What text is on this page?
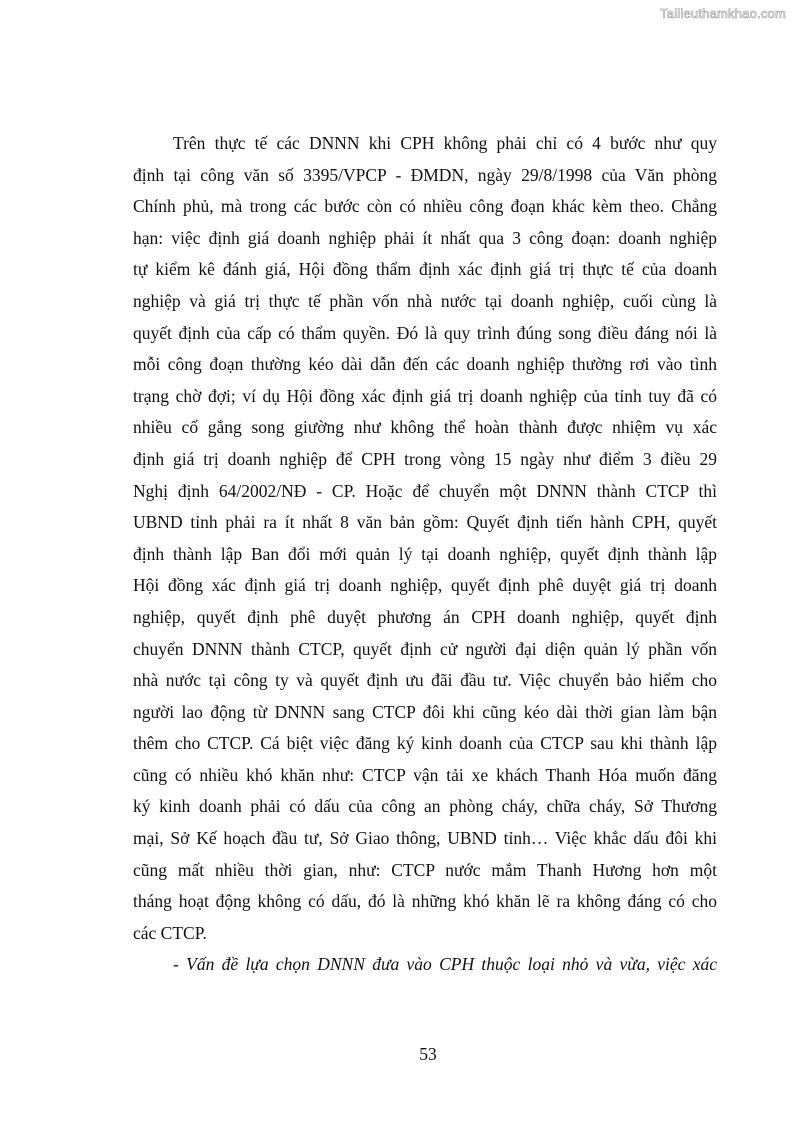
Tailieuthamkhao.com
Trên thực tế các DNNN khi CPH không phải chỉ có 4 bước như quy
định tại công văn số 3395/VPCP - ĐMDN, ngày 29/8/1998 của Văn phòng
Chính phủ, mà trong các bước còn có nhiều công đoạn khác kèm theo. Chẳng
hạn: việc định giá doanh nghiệp phải ít nhất qua 3 công đoạn: doanh nghiệp
tự kiểm kê đánh giá, Hội đồng thẩm định xác định giá trị thực tế của doanh
nghiệp và giá trị thực tế phần vốn nhà nước tại doanh nghiệp, cuối cùng là
quyết định của cấp có thẩm quyền. Đó là quy trình đúng song điều đáng nói là
mỗi công đoạn thường kéo dài dẫn đến các doanh nghiệp thường rơi vào tình
trạng chờ đợi; ví dụ Hội đồng xác định giá trị doanh nghiệp của tỉnh tuy đã có
nhiều cố gắng song giường như không thể hoàn thành được nhiệm vụ xác
định giá trị doanh nghiệp để CPH trong vòng 15 ngày như điểm 3 điều 29
Nghị định 64/2002/NĐ - CP. Hoặc để chuyển một DNNN thành CTCP thì
UBND tỉnh phải ra ít nhất 8 văn bản gồm: Quyết định tiến hành CPH, quyết
định thành lập Ban đổi mới quản lý tại doanh nghiệp, quyết định thành lập
Hội đồng xác định giá trị doanh nghiệp, quyết định phê duyệt giá trị doanh
nghiệp, quyết định phê duyệt phương án CPH doanh nghiệp, quyết định
chuyển DNNN thành CTCP, quyết định cử người đại diện quản lý phần vốn
nhà nước tại công ty và quyết định ưu đãi đầu tư. Việc chuyển bảo hiểm cho
người lao động từ DNNN sang CTCP đôi khi cũng kéo dài thời gian làm bận
thêm cho CTCP. Cá biệt việc đăng ký kinh doanh của CTCP sau khi thành lập
cũng có nhiều khó khăn như: CTCP vận tải xe khách Thanh Hóa muốn đăng
ký kinh doanh phải có dấu của công an phòng cháy, chữa cháy, Sở Thương
mại, Sở Kế hoạch đầu tư, Sở Giao thông, UBND tỉnh… Việc khắc dấu đôi khi
cũng mất nhiều thời gian, như: CTCP nước mắm Thanh Hương hơn một
tháng hoạt động không có dấu, đó là những khó khăn lẽ ra không đáng có cho
các CTCP.
- Vấn đề lựa chọn DNNN đưa vào CPH thuộc loại nhỏ và vừa, việc xác
53
